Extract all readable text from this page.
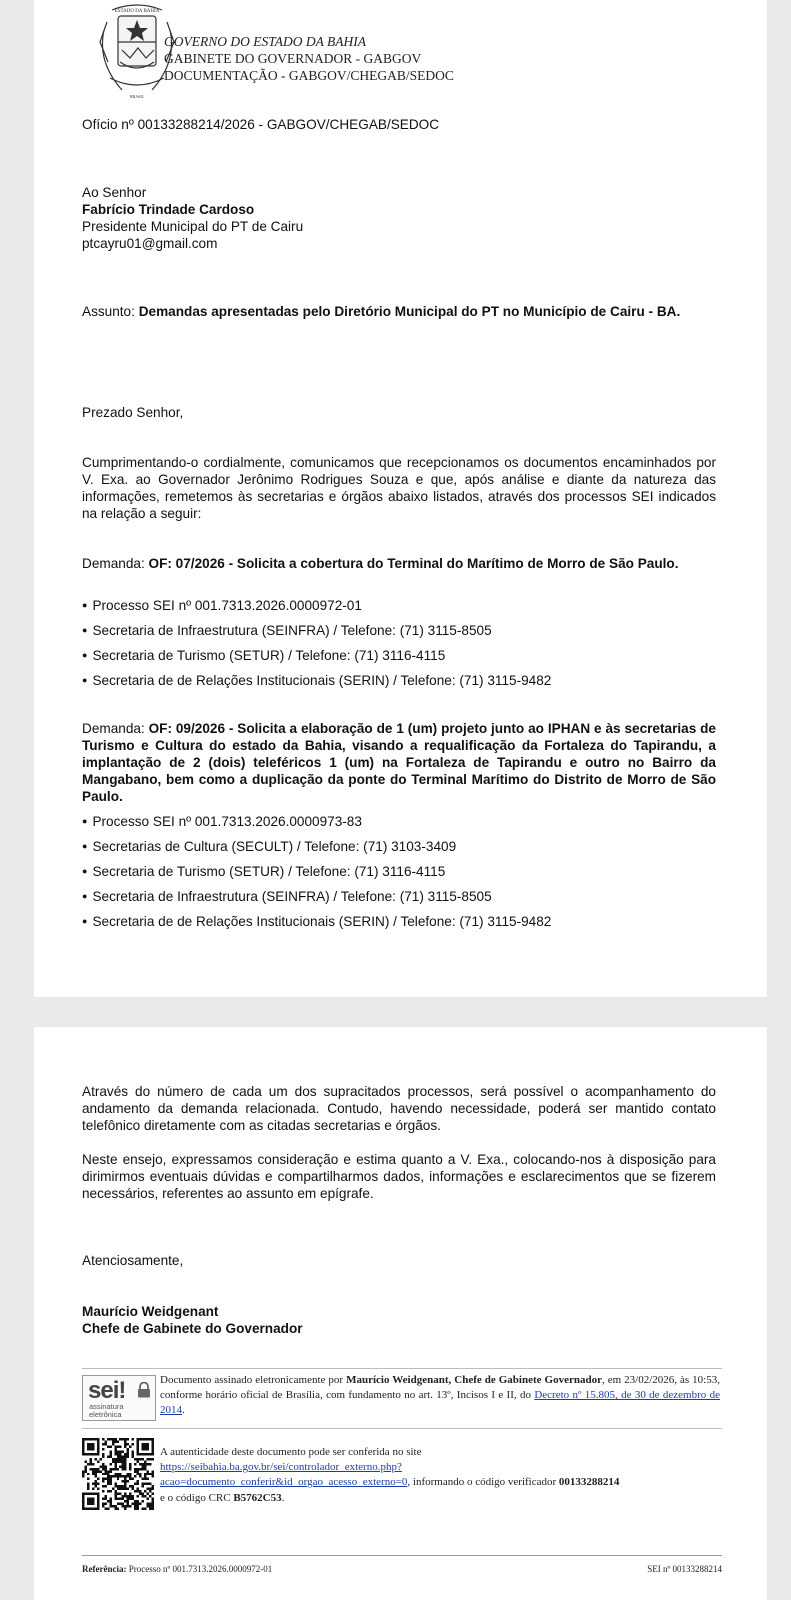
ESTADO DA BAHIA
BRASIL
GOVERNO DO ESTADO DA BAHIA
GABINETE DO GOVERNADOR - GABGOV
DOCUMENTAÇÃO - GABGOV/CHEGAB/SEDOC
Ofício nº 00133288214/2026 - GABGOV/CHEGAB/SEDOC
Ao Senhor
Fabrício Trindade Cardoso
Presidente Municipal do PT de Cairu
ptcayru01@gmail.com
Assunto: Demandas apresentadas pelo Diretório Municipal do PT no Município de Cairu - BA.
Prezado Senhor,
Cumprimentando-o cordialmente, comunicamos que recepcionamos os documentos encaminhados por V. Exa. ao Governador Jerônimo Rodrigues Souza e que, após análise e diante da natureza das informações, remetemos às secretarias e órgãos abaixo listados, através dos processos SEI indicados na relação a seguir:
Demanda: OF: 07/2026 - Solicita a cobertura do Terminal do Marítimo de Morro de São Paulo.
● Processo SEI nº 001.7313.2026.0000972-01
● Secretaria de Infraestrutura (SEINFRA) / Telefone: (71) 3115-8505
● Secretaria de Turismo (SETUR) / Telefone: (71) 3116-4115
● Secretaria de de Relações Institucionais (SERIN) / Telefone: (71) 3115-9482
Demanda: OF: 09/2026 - Solicita a elaboração de 1 (um) projeto junto ao IPHAN e às secretarias de Turismo e Cultura do estado da Bahia, visando a requalificação da Fortaleza do Tapirandu, a implantação de 2 (dois) teleféricos 1 (um) na Fortaleza de Tapirandu e outro no Bairro da Mangabano, bem como a duplicação da ponte do Terminal Marítimo do Distrito de Morro de São Paulo.
● Processo SEI nº 001.7313.2026.0000973-83
● Secretarias de Cultura (SECULT) / Telefone: (71) 3103-3409
● Secretaria de Turismo (SETUR) / Telefone: (71) 3116-4115
● Secretaria de Infraestrutura (SEINFRA) / Telefone: (71) 3115-8505
● Secretaria de de Relações Institucionais (SERIN) / Telefone: (71) 3115-9482
Através do número de cada um dos supracitados processos, será possível o acompanhamento do andamento da demanda relacionada. Contudo, havendo necessidade, poderá ser mantido contato telefônico diretamente com as citadas secretarias e órgãos.
Neste ensejo, expressamos consideração e estima quanto a V. Exa., colocando-nos à disposição para dirimirmos eventuais dúvidas e compartilharmos dados, informações e esclarecimentos que se fizerem necessários, referentes ao assunto em epígrafe.
Atenciosamente,
Maurício Weidgenant
Chefe de Gabinete do Governador
sei!
assinatura
eletrônica
Documento assinado eletronicamente por Maurício Weidgenant, Chefe de Gabinete Governador, em 23/02/2026, às 10:53, conforme horário oficial de Brasília, com fundamento no art. 13º, Incisos I e II, do Decreto nº 15.805, de 30 de dezembro de 2014.
A autenticidade deste documento pode ser conferida no site
https://seibahia.ba.gov.br/sei/controlador_externo.php?
acao=documento_conferir&id_orgao_acesso_externo=0, informando o código verificador 00133288214
e o código CRC B5762C53.
Referência: Processo nº 001.7313.2026.0000972-01	SEI nº 00133288214
